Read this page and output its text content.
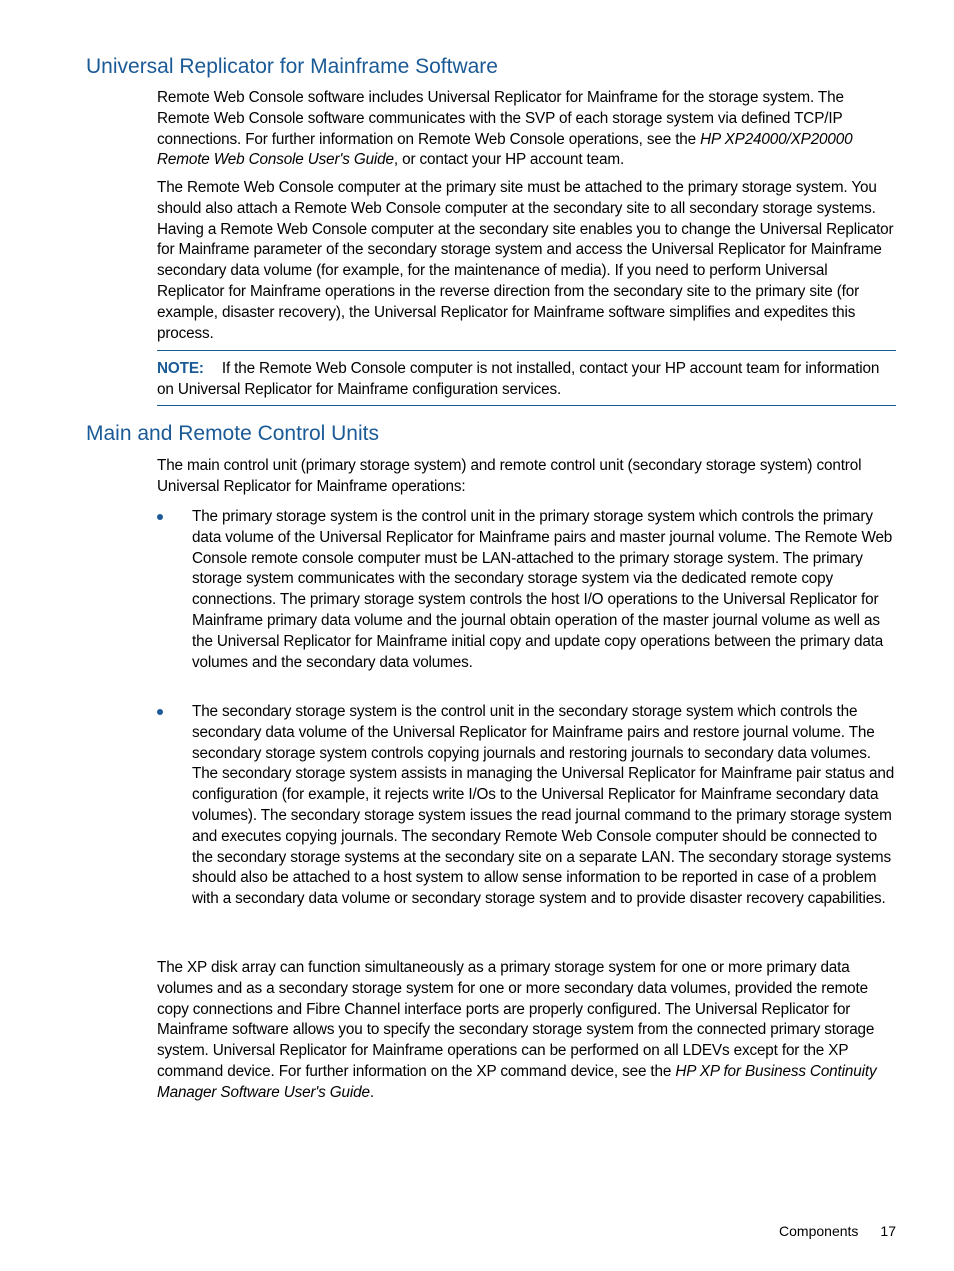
Universal Replicator for Mainframe Software

Remote Web Console software includes Universal Replicator for Mainframe for the storage system. The Remote Web Console software communicates with the SVP of each storage system via defined TCP/IP connections. For further information on Remote Web Console operations, see the HP XP24000/XP20000 Remote Web Console User's Guide, or contact your HP account team.

The Remote Web Console computer at the primary site must be attached to the primary storage system. You should also attach a Remote Web Console computer at the secondary site to all secondary storage systems. Having a Remote Web Console computer at the secondary site enables you to change the Universal Replicator for Mainframe parameter of the secondary storage system and access the Universal Replicator for Mainframe secondary data volume (for example, for the maintenance of media). If you need to perform Universal Replicator for Mainframe operations in the reverse direction from the secondary site to the primary site (for example, disaster recovery), the Universal Replicator for Mainframe software simplifies and expedites this process.

NOTE: If the Remote Web Console computer is not installed, contact your HP account team for information on Universal Replicator for Mainframe configuration services.
Main and Remote Control Units

The main control unit (primary storage system) and remote control unit (secondary storage system) control Universal Replicator for Mainframe operations:

The primary storage system is the control unit in the primary storage system which controls the primary data volume of the Universal Replicator for Mainframe pairs and master journal volume. The Remote Web Console remote console computer must be LAN-attached to the primary storage system. The primary storage system communicates with the secondary storage system via the dedicated remote copy connections. The primary storage system controls the host I/O operations to the Universal Replicator for Mainframe primary data volume and the journal obtain operation of the master journal volume as well as the Universal Replicator for Mainframe initial copy and update copy operations between the primary data volumes and the secondary data volumes.
The secondary storage system is the control unit in the secondary storage system which controls the secondary data volume of the Universal Replicator for Mainframe pairs and restore journal volume. The secondary storage system controls copying journals and restoring journals to secondary data volumes. The secondary storage system assists in managing the Universal Replicator for Mainframe pair status and configuration (for example, it rejects write I/Os to the Universal Replicator for Mainframe secondary data volumes). The secondary storage system issues the read journal command to the primary storage system and executes copying journals. The secondary Remote Web Console computer should be connected to the secondary storage systems at the secondary site on a separate LAN. The secondary storage systems should also be attached to a host system to allow sense information to be reported in case of a problem with a secondary data volume or secondary storage system and to provide disaster recovery capabilities.

The XP disk array can function simultaneously as a primary storage system for one or more primary data volumes and as a secondary storage system for one or more secondary data volumes, provided the remote copy connections and Fibre Channel interface ports are properly configured. The Universal Replicator for Mainframe software allows you to specify the secondary storage system from the connected primary storage system. Universal Replicator for Mainframe operations can be performed on all LDEVs except for the XP command device. For further information on the XP command device, see the HP XP for Business Continuity Manager Software User's Guide.

Components 17
